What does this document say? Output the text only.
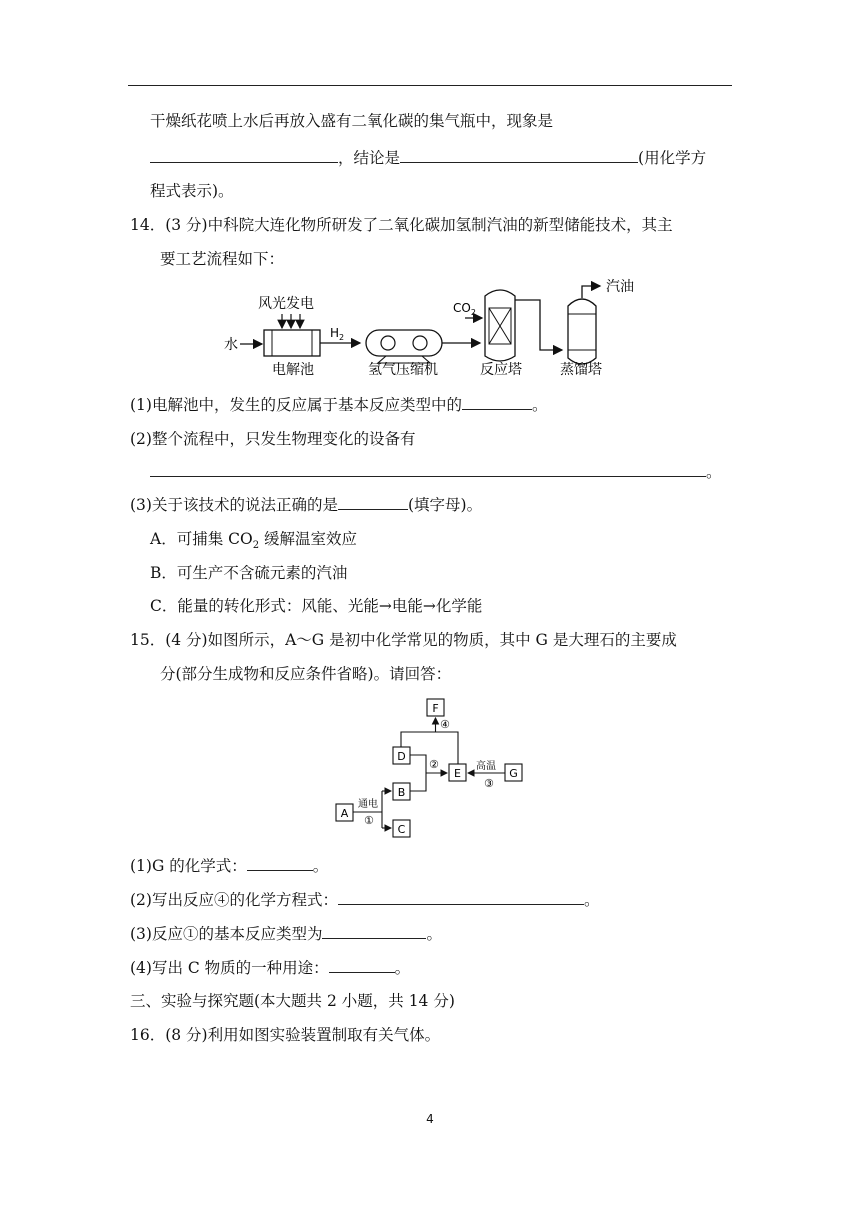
干燥纸花喷上水后再放入盛有二氧化碳的集气瓶中，现象是
，结论是	(用化学方
程式表示)。
14．(3 分)中科院大连化物所研发了二氧化碳加氢制汽油的新型储能技术，其主
要工艺流程如下：
水
风光发电
电解池
$H_2$
氢气压缩机
$CO_2$
反应塔	蒸馏塔
汽油
(1)电解池中，发生的反应属于基本反应类型中的	。
(2)整个流程中，只发生物理变化的设备有
。
(3)关于该技术的说法正确的是	(填字母)。
A．可捕集 $CO_2$ 缓解温室效应
B．可生产不含硫元素的汽油
C．能量的转化形式：风能、光能→电能→化学能
15．(4 分)如图所示，A～G 是初中化学常见的物质，其中 G 是大理石的主要成
分(部分生成物和反应条件省略)。请回答：
F
D
E	G
B
A
C
通电
①
②	高温
③
④
(1)G 的化学式：	。
(2)写出反应④的化学方程式：	。
(3)反应①的基本反应类型为	。
(4)写出 C 物质的一种用途：	。
三、实验与探究题(本大题共 2 小题，共 14 分)
16．(8 分)利用如图实验装置制取有关气体。
4
